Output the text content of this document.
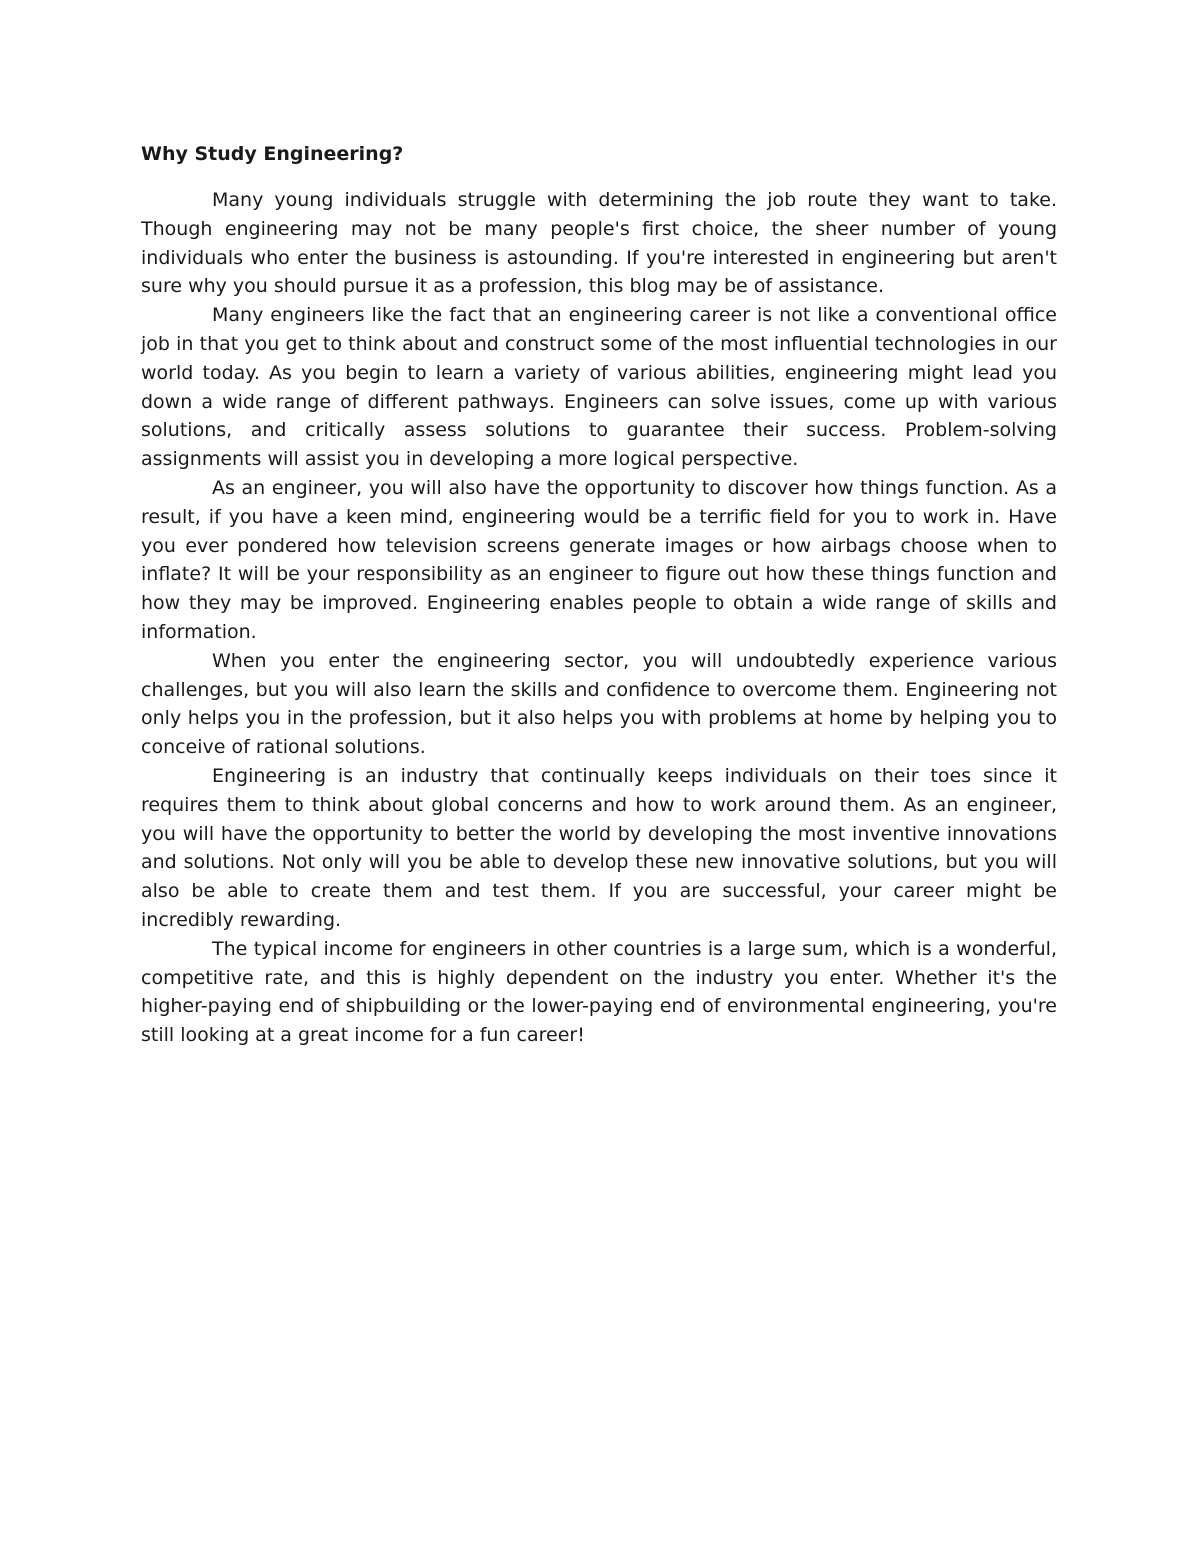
Why Study Engineering?

Many young individuals struggle with determining the job route they want to take. Though engineering may not be many people's first choice, the sheer number of young individuals who enter the business is astounding. If you're interested in engineering but aren't sure why you should pursue it as a profession, this blog may be of assistance.

Many engineers like the fact that an engineering career is not like a conventional office job in that you get to think about and construct some of the most influential technologies in our world today. As you begin to learn a variety of various abilities, engineering might lead you down a wide range of different pathways. Engineers can solve issues, come up with various solutions, and critically assess solutions to guarantee their success. Problem-solving assignments will assist you in developing a more logical perspective.

As an engineer, you will also have the opportunity to discover how things function. As a result, if you have a keen mind, engineering would be a terrific field for you to work in. Have you ever pondered how television screens generate images or how airbags choose when to inflate? It will be your responsibility as an engineer to figure out how these things function and how they may be improved. Engineering enables people to obtain a wide range of skills and information.

When you enter the engineering sector, you will undoubtedly experience various challenges, but you will also learn the skills and confidence to overcome them. Engineering not only helps you in the profession, but it also helps you with problems at home by helping you to conceive of rational solutions.

Engineering is an industry that continually keeps individuals on their toes since it requires them to think about global concerns and how to work around them. As an engineer, you will have the opportunity to better the world by developing the most inventive innovations and solutions. Not only will you be able to develop these new innovative solutions, but you will also be able to create them and test them. If you are successful, your career might be incredibly rewarding.

The typical income for engineers in other countries is a large sum, which is a wonderful, competitive rate, and this is highly dependent on the industry you enter. Whether it's the higher-paying end of shipbuilding or the lower-paying end of environmental engineering, you're still looking at a great income for a fun career!
